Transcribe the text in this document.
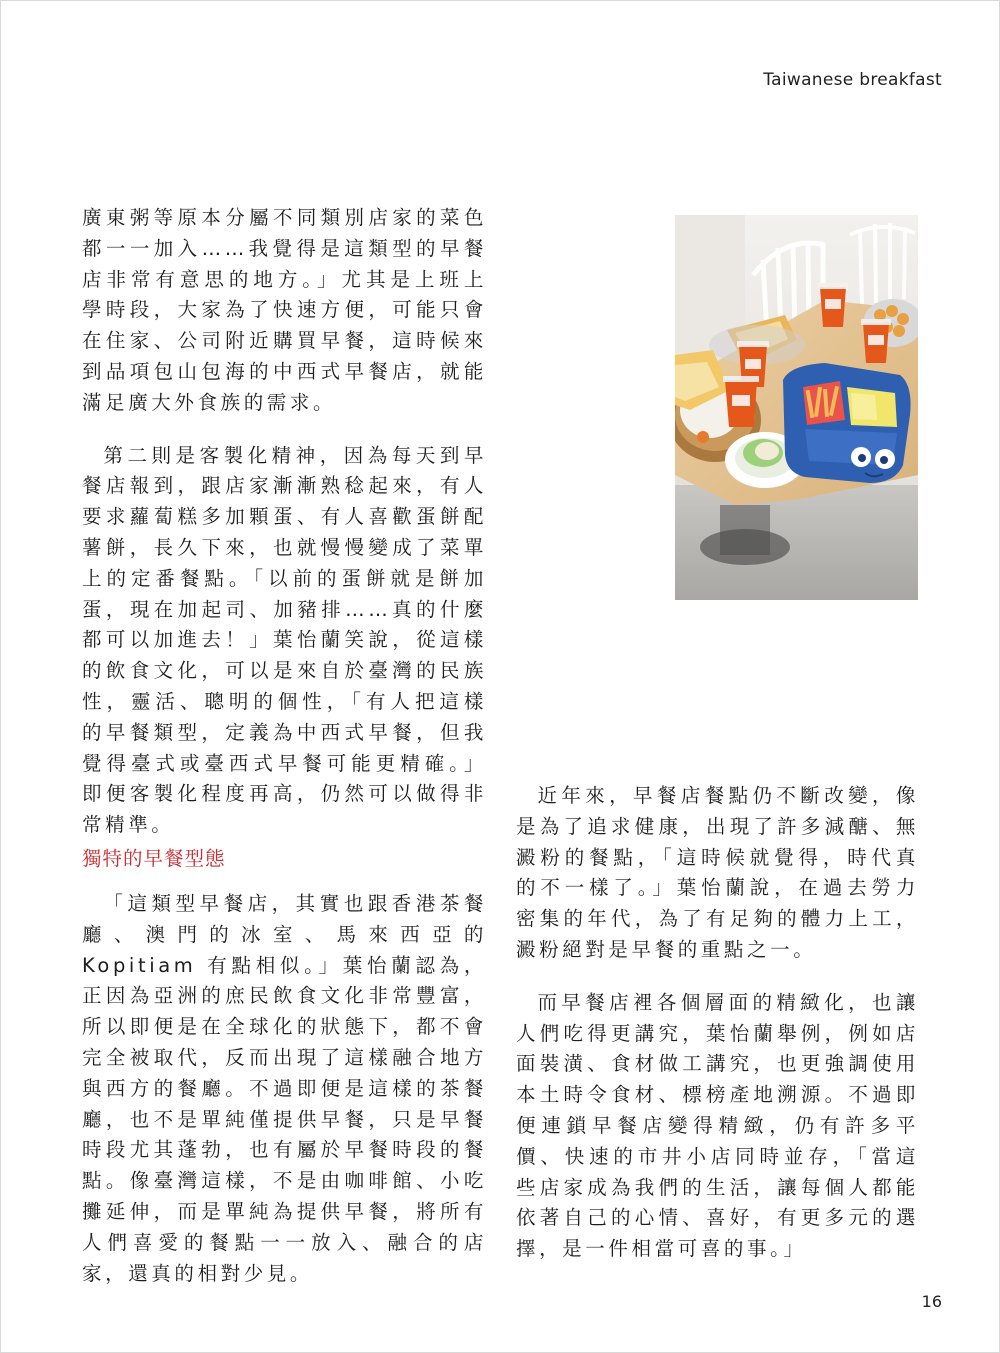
Taiwanese breakfast

廣東粥等原本分屬不同類別店家的菜色都一一加入……我覺得是這類型的早餐店非常有意思的地方。」尤其是上班上學時段，大家為了快速方便，可能只會在住家、公司附近購買早餐，這時候來到品項包山包海的中西式早餐店，就能滿足廣大外食族的需求。

第二則是客製化精神，因為每天到早餐店報到，跟店家漸漸熟稔起來，有人要求蘿蔔糕多加顆蛋、有人喜歡蛋餅配薯餅，長久下來，也就慢慢變成了菜單上的定番餐點。「以前的蛋餅就是餅加蛋，現在加起司、加豬排……真的什麼都可以加進去！」葉怡蘭笑說，從這樣的飲食文化，可以是來自於臺灣的民族性，靈活、聰明的個性，「有人把這樣的早餐類型，定義為中西式早餐，但我覺得臺式或臺西式早餐可能更精確。」即便客製化程度再高，仍然可以做得非常精準。

獨特的早餐型態

「這類型早餐店，其實也跟香港茶餐廳、澳門的冰室、馬來西亞的 Kopitiam 有點相似。」葉怡蘭認為，正因為亞洲的庶民飲食文化非常豐富，所以即便是在全球化的狀態下，都不會完全被取代，反而出現了這樣融合地方與西方的餐廳。不過即便是這樣的茶餐廳，也不是單純僅提供早餐，只是早餐時段尤其蓬勃，也有屬於早餐時段的餐點。像臺灣這樣，不是由咖啡館、小吃攤延伸，而是單純為提供早餐，將所有人們喜愛的餐點一一放入、融合的店家，還真的相對少見。

近年來，早餐店餐點仍不斷改變，像是為了追求健康，出現了許多減醣、無澱粉的餐點，「這時候就覺得，時代真的不一樣了。」葉怡蘭說，在過去勞力密集的年代，為了有足夠的體力上工，澱粉絕對是早餐的重點之一。

而早餐店裡各個層面的精緻化，也讓人們吃得更講究，葉怡蘭舉例，例如店面裝潢、食材做工講究，也更強調使用本土時令食材、標榜產地溯源。不過即便連鎖早餐店變得精緻，仍有許多平價、快速的市井小店同時並存，「當這些店家成為我們的生活，讓每個人都能依著自己的心情、喜好，有更多元的選擇，是一件相當可喜的事。」

16
